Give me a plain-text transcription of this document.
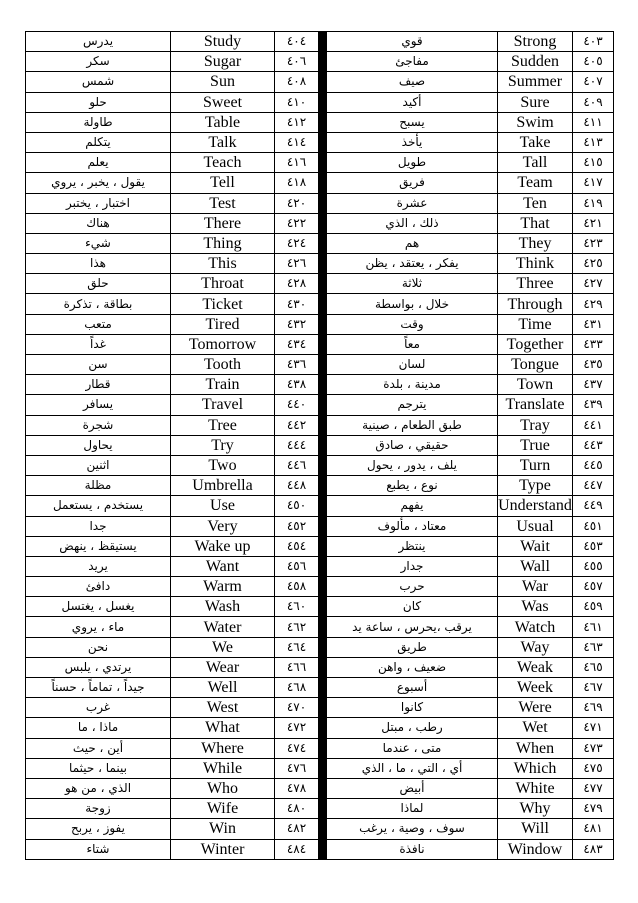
يدرس	Study	٤٠٤		قوي	Strong	٤٠٣
سكر	Sugar	٤٠٦		مفاجئ	Sudden	٤٠٥
شمس	Sun	٤٠٨		صيف	Summer	٤٠٧
حلو	Sweet	٤١٠		أكيد	Sure	٤٠٩
طاولة	Table	٤١٢		يسبح	Swim	٤١١
يتكلم	Talk	٤١٤		يأخذ	Take	٤١٣
يعلم	Teach	٤١٦		طويل	Tall	٤١٥
يقول ، يخبر ، يروي	Tell	٤١٨		فريق	Team	٤١٧
اختبار ، يختبر	Test	٤٢٠		عشرة	Ten	٤١٩
هناك	There	٤٢٢		ذلك ، الذي	That	٤٢١
شيء	Thing	٤٢٤		هم	They	٤٢٣
هذا	This	٤٢٦		يفكر ، يعتقد ، يظن	Think	٤٢٥
حلق	Throat	٤٢٨		ثلاثة	Three	٤٢٧
بطاقة ، تذكرة	Ticket	٤٣٠		خلال ، بواسطة	Through	٤٢٩
متعب	Tired	٤٣٢		وقت	Time	٤٣١
غداً	Tomorrow	٤٣٤		معاً	Together	٤٣٣
سن	Tooth	٤٣٦		لسان	Tongue	٤٣٥
قطار	Train	٤٣٨		مدينة ، بلدة	Town	٤٣٧
يسافر	Travel	٤٤٠		يترجم	Translate	٤٣٩
شجرة	Tree	٤٤٢		طبق الطعام ، صينية	Tray	٤٤١
يحاول	Try	٤٤٤		حقيقي ، صادق	True	٤٤٣
اثنين	Two	٤٤٦		يلف ، يدور ، يحول	Turn	٤٤٥
مظلة	Umbrella	٤٤٨		نوع ، يطبع	Type	٤٤٧
يستخدم ، يستعمل	Use	٤٥٠		يفهم	Understand	٤٤٩
جدا	Very	٤٥٢		معتاد ، مألوف	Usual	٤٥١
يستيقظ ، ينهض	Wake up	٤٥٤		ينتظر	Wait	٤٥٣
يريد	Want	٤٥٦		جدار	Wall	٤٥٥
دافئ	Warm	٤٥٨		حرب	War	٤٥٧
يغسل ، يغتسل	Wash	٤٦٠		كان	Was	٤٥٩
ماء ، يروي	Water	٤٦٢		يرقب ،يحرس ، ساعة يد	Watch	٤٦١
نحن	We	٤٦٤		طريق	Way	٤٦٣
يرتدي ، يلبس	Wear	٤٦٦		ضعيف ، واهن	Weak	٤٦٥
جيداً ، تماماً ، حسناً	Well	٤٦٨		أسبوع	Week	٤٦٧
غرب	West	٤٧٠		كانوا	Were	٤٦٩
ماذا ، ما	What	٤٧٢		رطب ، مبتل	Wet	٤٧١
أين ، حيث	Where	٤٧٤		متى ، عندما	When	٤٧٣
بينما ، حيثما	While	٤٧٦		أي ، التي ، ما ، الذي	Which	٤٧٥
الذي ، من هو	Who	٤٧٨		أبيض	White	٤٧٧
زوجة	Wife	٤٨٠		لماذا	Why	٤٧٩
يفوز ، يربح	Win	٤٨٢		سوف ، وصية ، يرغب	Will	٤٨١
شتاء	Winter	٤٨٤		نافذة	Window	٤٨٣
